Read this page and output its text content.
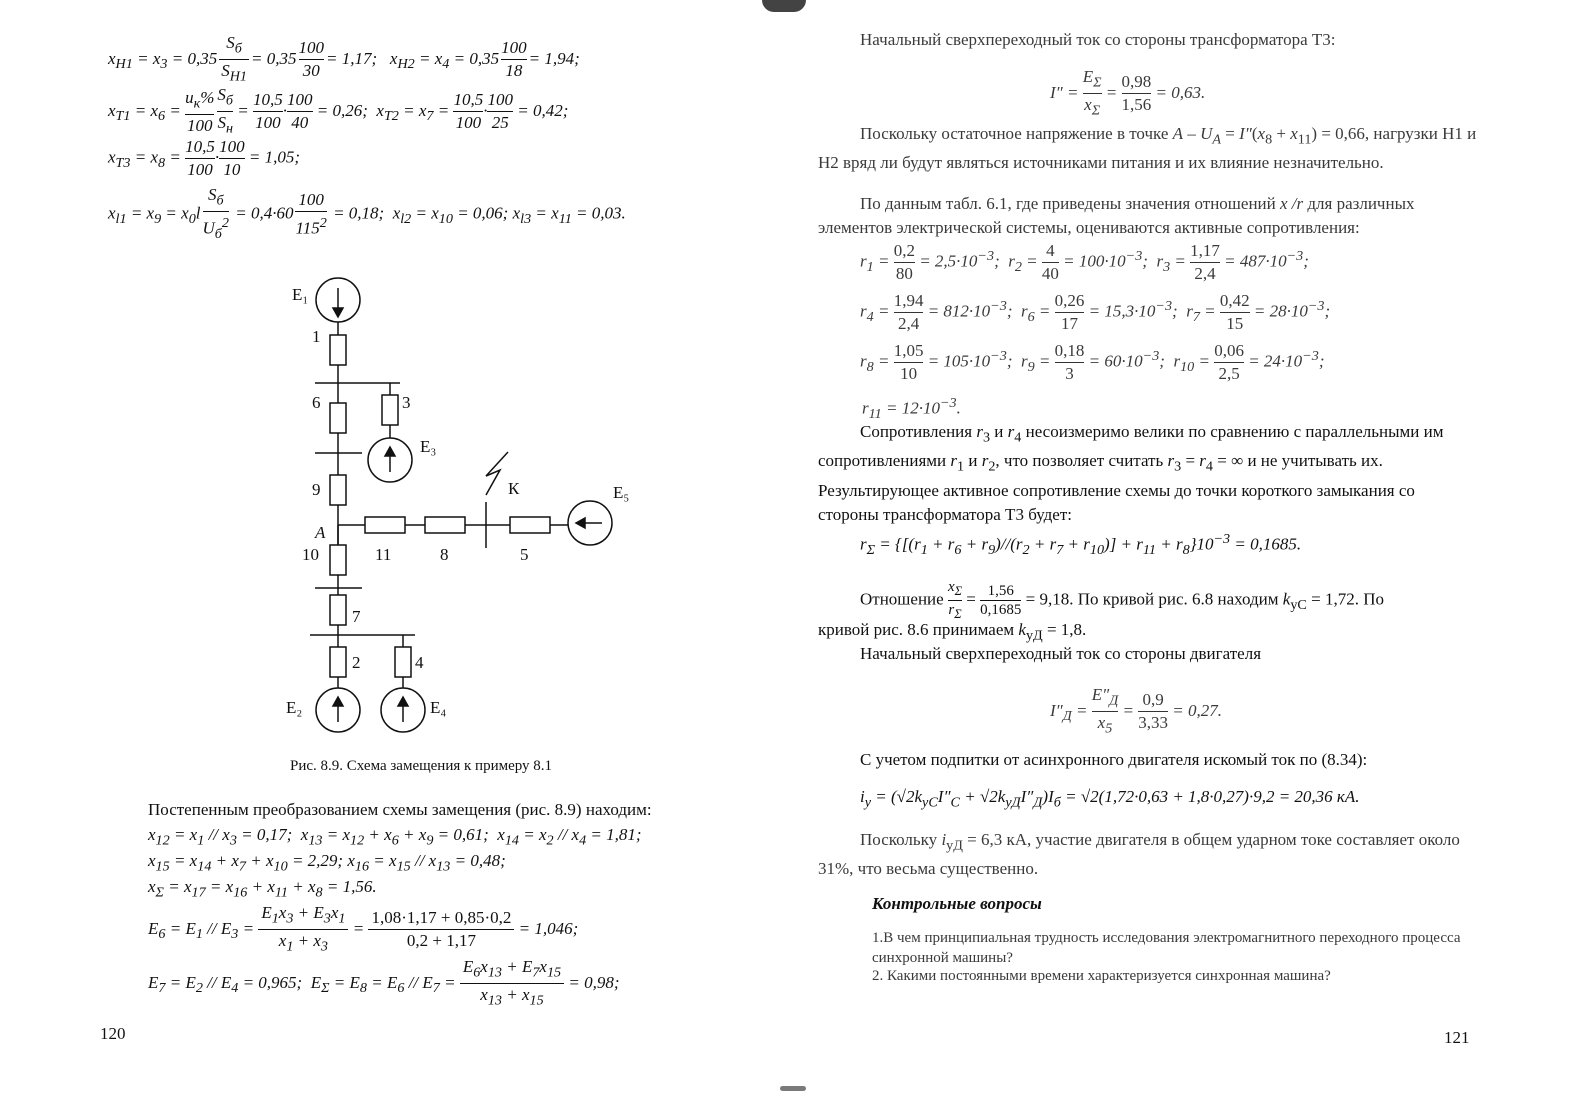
$x_{H1} = x_3 = 0,35$
$S_б$
$S_{H1}$
= $0,35 \frac{100}{30} = 1,17$;   $x_{H2} = x_4 = 0,35 \frac{100}{18} = 1,94$;
$x_{T1} = x_6$ =
$u_к\%$
100
$S_б$
$S_н$
= $\frac{10,5}{100} \cdot \frac{100}{40} = 0,26$;  $x_{T2} = x_7 = \frac{10,5}{100} \cdot \frac{100}{25} = 0,42$;
$x_{T3} = x_8 = \frac{10,5}{100} \cdot \frac{100}{10} = 1,05$;
$x_{l1} = x_9 = x_0l$
$S_б$
$U_б^2$
= $0,4\cdot 60 \frac{100}{115^2} = 0,18$;  $x_{l2} = x_{10} = 0,06$; $x_{l3} = x_{11} = 0,03$.
E₁
1
6	3
E₃
9	К	E₅
A
10	11	8	5
7
2	4
E₂	E₄
Рис. 8.9. Схема замещения к примеру 8.1
Постепенным преобразованием схемы замещения (рис. 8.9) находим:
$x_{12} = x_1 // x_3 = 0,17$;  $x_{13} = x_{12} + x_6 + x_9 = 0,61$;  $x_{14} = x_2 // x_4 = 1,81$;
$x_{15} = x_{14} + x_7 + x_{10} = 2,29$; $x_{16} = x_{15} // x_{13} = 0,48$;
$x_\Sigma = x_{17} = x_{16} + x_{11} + x_8 = 1,56$.
$E_6 = E_1 // E_3 = \frac{E_1x_3 + E_3x_1}{x_1 + x_3} = \frac{1,08\cdot 1,17 + 0,85\cdot 0,2}{0,2 + 1,17} = 1,046$;
$E_7 = E_2 // E_4 = 0,965$;  $E_\Sigma = E_8 = E_6 // E_7 = \frac{E_6x_{13} + E_7x_{15}}{x_{13} + x_{15}} = 0,98$;
120
Начальный сверхпереходный ток со стороны трансформатора Т3:
$I'' = \frac{E_\Sigma}{x_\Sigma} = \frac{0,98}{1,56} = 0,63$.
Поскольку остаточное напряжение в точке $A - U_A = I''(x_8 + x_{11}) = 0,66$, нагрузки Н1 и Н2 вряд ли будут являться источниками питания и их влияние незначительно.
По данным табл. 6.1, где приведены значения отношений x /r для различных элементов электрической системы, оцениваются активные сопротивления:
$r_1 = \frac{0,2}{80} = 2,5\cdot 10^{-3}$;  $r_2 = \frac{4}{40} = 100\cdot 10^{-3}$;  $r_3 = \frac{1,17}{2,4} = 487\cdot 10^{-3}$;
$r_4 = \frac{1,94}{2,4} = 812\cdot 10^{-3}$;  $r_6 = \frac{0,26}{17} = 15,3\cdot 10^{-3}$;  $r_7 = \frac{0,42}{15} = 28\cdot 10^{-3}$;
$r_8 = \frac{1,05}{10} = 105\cdot 10^{-3}$;  $r_9 = \frac{0,18}{3} = 60\cdot 10^{-3}$;  $r_{10} = \frac{0,06}{2,5} = 24\cdot 10^{-3}$;
$r_{11} = 12\cdot 10^{-3}$.
Сопротивления $r_3$ и $r_4$ несоизмеримо велики по сравнению с параллельными им сопротивлениями $r_1$ и $r_2$, что позволяет считать $r_3 = r_4$ = ∞ и не учитывать их. Результирующее активное сопротивление схемы до точки короткого замыкания со стороны трансформатора Т3 будет:
$r_\Sigma = \{[(r_1 + r_6 + r_9)//(r_2 + r_7 + r_{10})] + r_{11} + r_8\}10^{-3} = 0,1685$.
Отношение $\frac{x_\Sigma}{r_\Sigma} = \frac{1,56}{0,1685} = 9,18$. По кривой рис. 6.8 находим $k_{уС} = 1,72$. По
кривой рис. 8.6 принимаем $k_{уД} = 1,8$.
Начальный сверхпереходный ток со стороны двигателя
$I''_Д$ =
$E''_Д$
$x_5$
= $\frac{0,9}{3,33} = 0,27$.
С учетом подпитки от асинхронного двигателя искомый ток по (8.34):
$i_у = (√2k_{уС}I''_С + √2k_{уД}I''_Д)I_б = √2(1,72\cdot 0,63 + 1,8\cdot 0,27)\cdot 9,2 = 20,36$ кА.
Поскольку $i_{уД} = 6,3$ кА, участие двигателя в общем ударном токе составляет около 31%, что весьма существенно.
Контрольные вопросы
1.В чем принципиальная трудность исследования электромагнитного переходного процесса синхронной машины?
2. Какими постоянными времени характеризуется синхронная машина?
121
